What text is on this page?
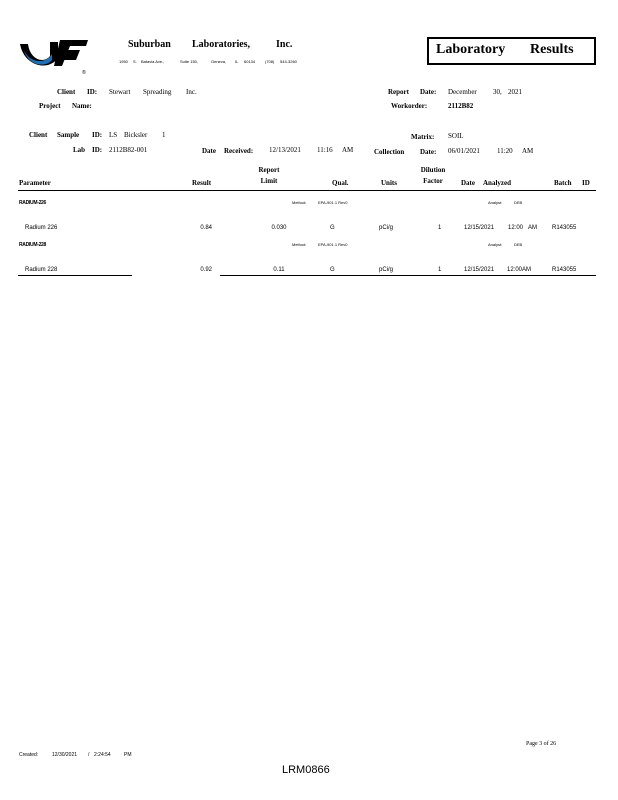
®
Suburban Laboratories,	Inc.
1950 S. Batavia Ave.,	Suite 150,	Geneva, IL 60134 (708) 544-3260
Laboratory Results
Client ID: Stewart Spreading Inc.
Project Name:
Report Date: December 30, 2021
Workorder:	2112B82
Client Sample ID: LS Bicksler 1
Lab ID: 2112B82-001	Date Received: 12/13/2021 11:16 AM
Matrix: SOIL
Collection Date: 06/01/2021 11:20 AM
Parameter	Result
Report
Limit	Qual.	Units
Dilution
Factor	Date Analyzed	Batch ID
RADIUM-226	Method:	EPA-901.1 Rev0	Analyst:	DEB
Radium 226	0.84	0.030	G	pCi/g	1	12/15/2021 12:00 AM	R143055
RADIUM-228	Method:	EPA-901.1 Rev0	Analyst:	DEB
Radium 228	0.92	0.11	G	pCi/g	1	12/15/2021 12:00AM	R143055
Page 3 of 26
Created:	12/30/2021 / 2:24:54	PM
LRM0866
